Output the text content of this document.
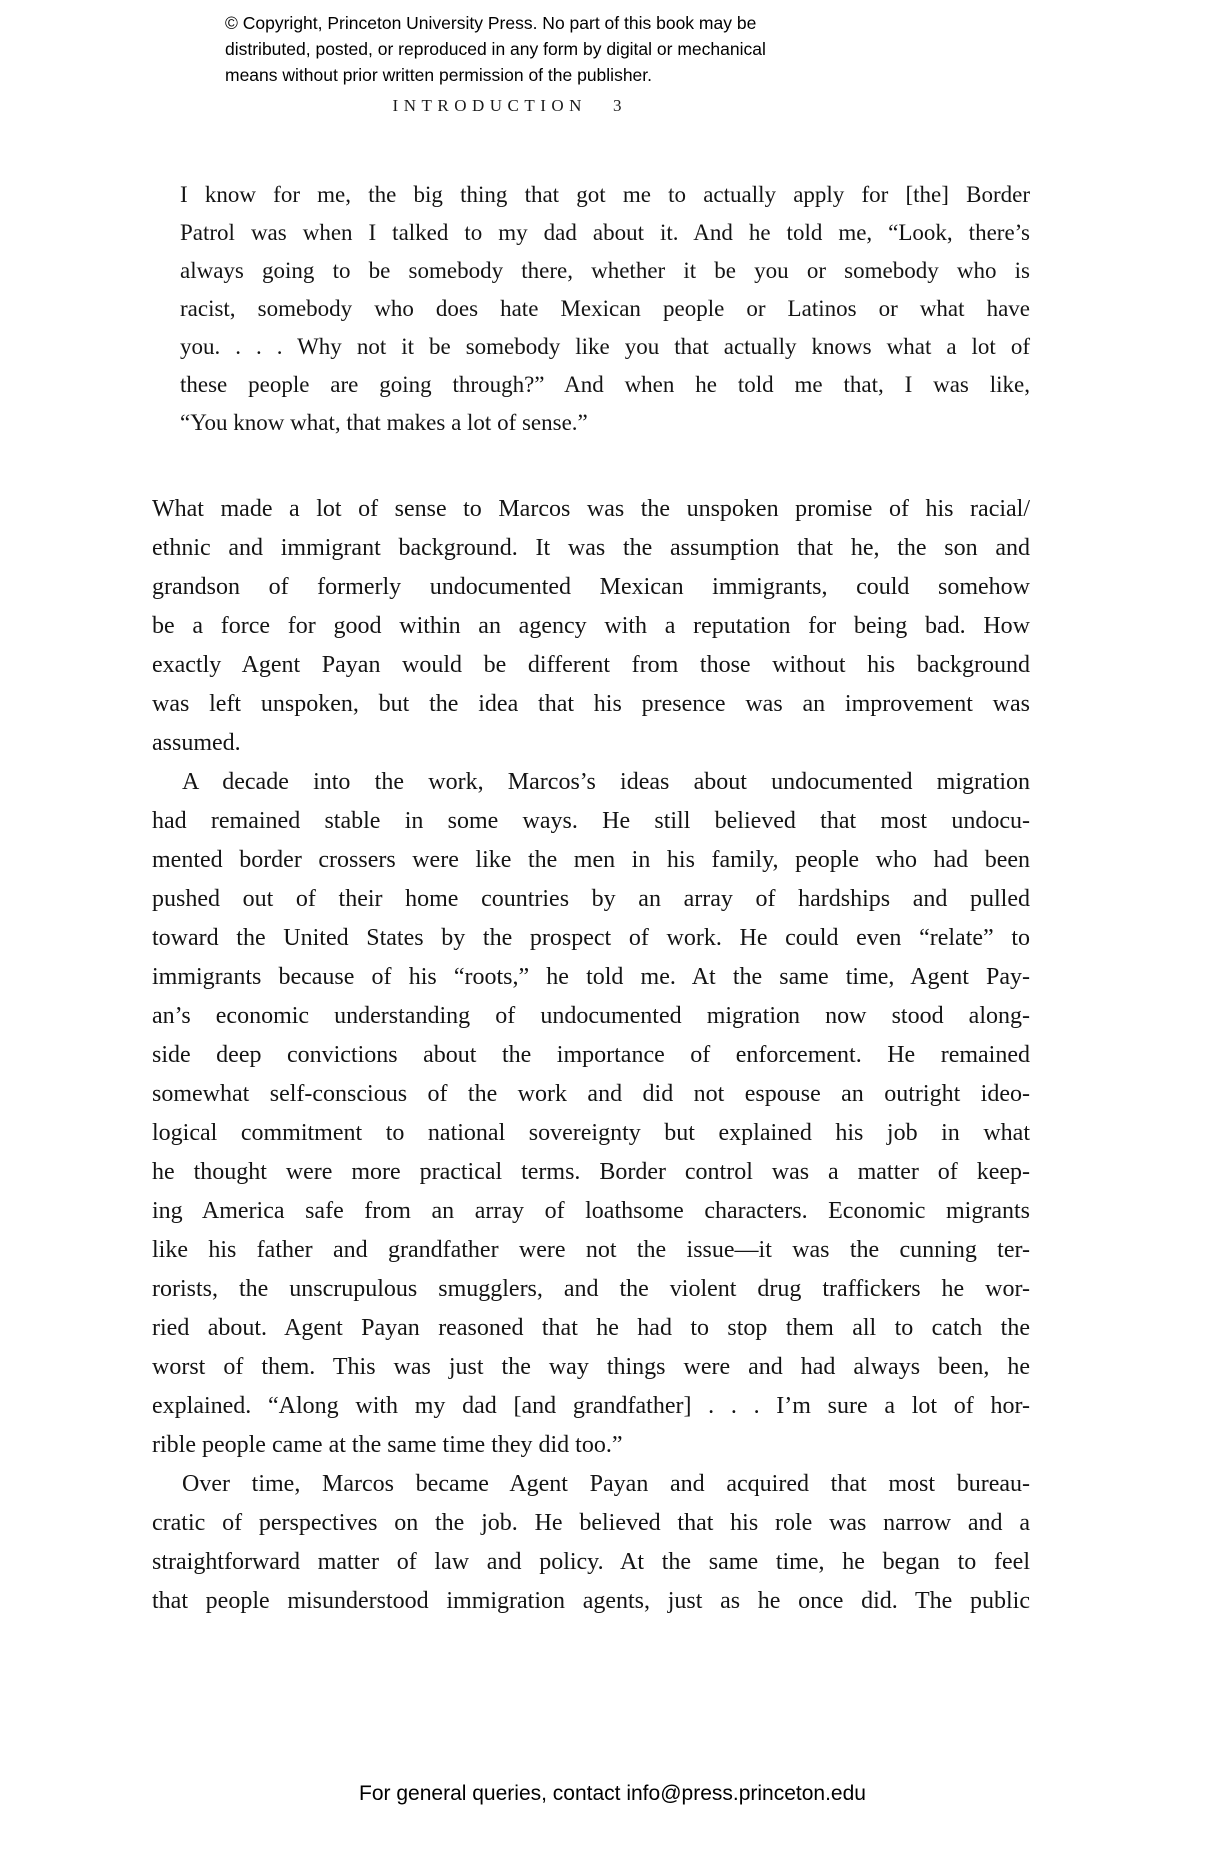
© Copyright, Princeton University Press. No part of this book may be
distributed, posted, or reproduced in any form by digital or mechanical
means without prior written permission of the publisher.
INTRODUCTION 3
I know for me, the big thing that got me to actually apply for [the] Border
Patrol was when I talked to my dad about it. And he told me, “Look, there’s
always going to be somebody there, whether it be you or somebody who is
racist, somebody who does hate Mexican people or Latinos or what have
you. . . . Why not it be somebody like you that actually knows what a lot of
these people are going through?” And when he told me that, I was like,
“You know what, that makes a lot of sense.”
What made a lot of sense to Marcos was the unspoken promise of his racial/
ethnic and immigrant background. It was the assumption that he, the son and
grandson of formerly undocumented Mexican immigrants, could somehow
be a force for good within an agency with a reputation for being bad. How
exactly Agent Payan would be different from those without his background
was left unspoken, but the idea that his presence was an improvement was
assumed.
A decade into the work, Marcos’s ideas about undocumented migration
had remained stable in some ways. He still believed that most undocu-
mented border crossers were like the men in his family, people who had been
pushed out of their home countries by an array of hardships and pulled
toward the United States by the prospect of work. He could even “relate” to
immigrants because of his “roots,” he told me. At the same time, Agent Pay-
an’s economic understanding of undocumented migration now stood along-
side deep convictions about the importance of enforcement. He remained
somewhat self-conscious of the work and did not espouse an outright ideo-
logical commitment to national sovereignty but explained his job in what
he thought were more practical terms. Border control was a matter of keep-
ing America safe from an array of loathsome characters. Economic migrants
like his father and grandfather were not the issue—it was the cunning ter-
rorists, the unscrupulous smugglers, and the violent drug traffickers he wor-
ried about. Agent Payan reasoned that he had to stop them all to catch the
worst of them. This was just the way things were and had always been, he
explained. “Along with my dad [and grandfather] . . . I’m sure a lot of hor-
rible people came at the same time they did too.”
Over time, Marcos became Agent Payan and acquired that most bureau-
cratic of perspectives on the job. He believed that his role was narrow and a
straightforward matter of law and policy. At the same time, he began to feel
that people misunderstood immigration agents, just as he once did. The public
For general queries, contact info@press.princeton.edu
